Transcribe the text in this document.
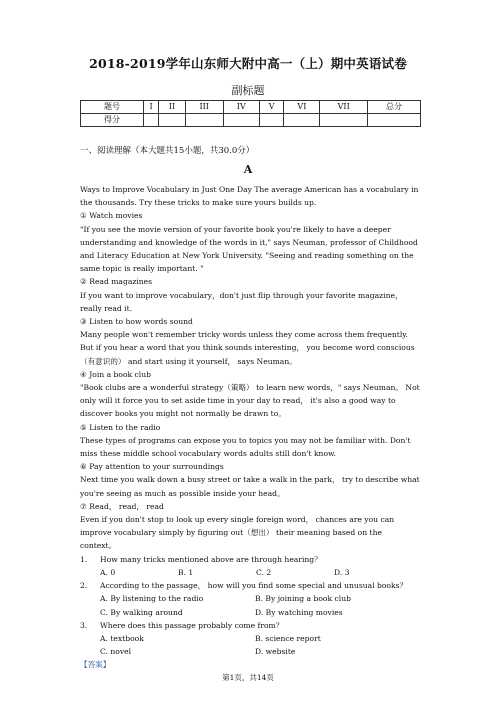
2018-2019学年山东师大附中高一（上）期中英语试卷
副标题
题号	I	II	III	IV	V	VI	VII	总分
得分								
一、阅读理解（本大题共15小题，共30.0分）
A

Ways to Improve Vocabulary in Just One Day The average American has a vocabulary in the thousands. Try these tricks to make sure yours builds up.

① Watch movies

"If you see the movie version of your favorite book you're likely to have a deeper understanding and knowledge of the words in it," says Neuman, professor of Childhood and Literacy Education at New York University. "Seeing and reading something on the same topic is really important. "

② Read magazines

If you want to improve vocabulary，don't just flip through your favorite magazine，really read it.

③ Listen to how words sound

Many people won't remember tricky words unless they come across them frequently. But if you hear a word that you think sounds interesting， you become word conscious（有意识的） and start using it yourself， says Neuman。

④ Join a book club

"Book clubs are a wonderful strategy（策略） to learn new words，" says Neuman。 Not only will it force you to set aside time in your day to read， it's also a good way to discover books you might not normally be drawn to。

⑤ Listen to the radio

These types of programs can expose you to topics you may not be familiar with. Don't miss these middle school vocabulary words adults still don't know.

⑥ Pay attention to your surroundings

Next time you walk down a busy street or take a walk in the park， try to describe what you're seeing as much as possible inside your head。

⑦ Read， read， read

Even if you don't stop to look up every single foreign word， chances are you can improve vocabulary simply by figuring out（想出） their meaning based on the context。

1.	How many tricks mentioned above are through hearing？
A. 0	B. 1	C. 2	D. 3
2.	According to the passage， how will you find some special and unusual books？
A. By listening to the radio	B. By joining a book club
C. By walking around	D. By watching movies
3.	Where does this passage probably come from？
A. textbook	B. science report
C. novel	D. website
【答案】
第1页，共14页
